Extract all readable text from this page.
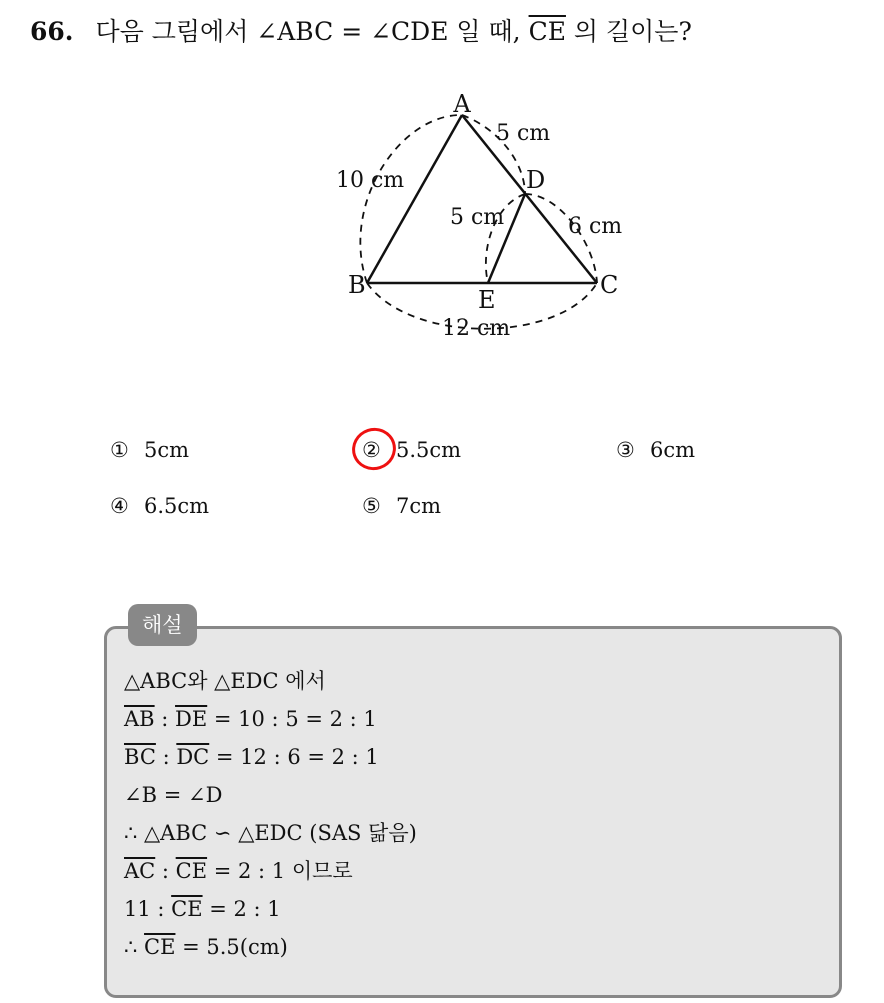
66. 다음 그림에서 ∠ABC = ∠CDE 일 때, $\overline{CE}$ 의 길이는?
A
B	C
D
E
10 cm
5 cm
5 cm	6 cm
12 cm
① 5cm	② 5.5cm	③ 6cm
④ 6.5cm	⑤ 7cm
해설
△ABC와 △EDC 에서
$\overline{AB}$ : $\overline{DE} = 10$ : 5 = 2 : 1
$\overline{BC}$ : $\overline{DC} = 12$ : 6 = 2 : 1
∠B = ∠D
∴ △ABC ∽ △EDC (SAS 닮음)
$\overline{AC}$ : $\overline{CE} = 2$ : 1 이므로
11 : $\overline{CE} = 2$ : 1
∴ $\overline{CE} = 5.5(cm)$
